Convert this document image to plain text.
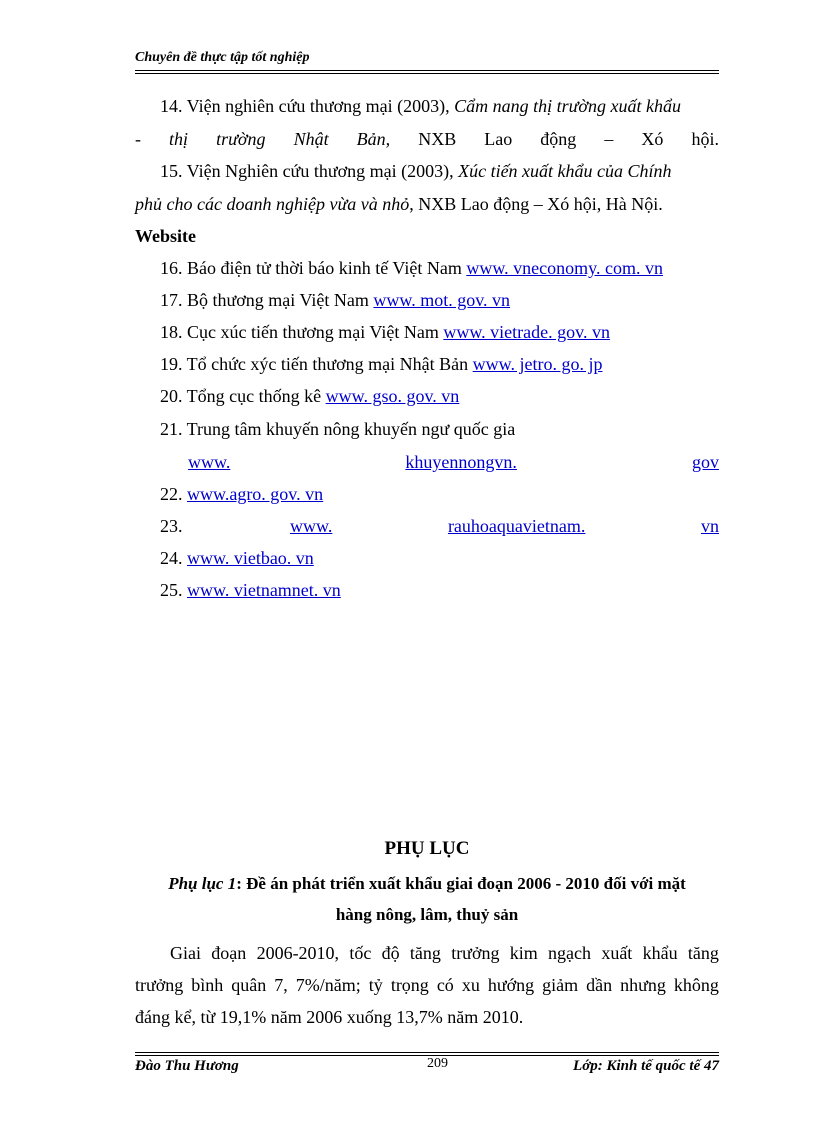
Chuyên đề thực tập tốt nghiệp
14. Viện nghiên cứu thương mại (2003), Cẩm nang thị trường xuất khẩu
- thị trường Nhật Bản, NXB Lao động – Xó hội.
15. Viện Nghiên cứu thương mại (2003), Xúc tiến xuất khẩu của Chính
phủ cho các doanh nghiệp vừa và nhỏ, NXB Lao động – Xó hội, Hà Nội.
Website
16. Báo điện tử thời báo kinh tế Việt Nam www. vneconomy. com. vn
17. Bộ thương mại Việt Nam www. mot. gov. vn
18. Cục xúc tiến thương mại Việt Nam www. vietrade. gov. vn
19. Tổ chức xýc tiến thương mại Nhật Bản www. jetro. go. jp
20. Tổng cục thống kê www. gso. gov. vn
21. Trung tâm khuyến nông khuyến ngư quốc gia
www.	khuyennongvn.	gov
22. www.agro. gov. vn
23.	www.	rauhoaquavietnam.	vn
24. www. vietbao. vn
25. www. vietnamnet. vn
PHỤ LỤC
Phụ lục 1: Đề án phát triển xuất khẩu giai đoạn 2006 - 2010 đối với mặt
hàng nông, lâm, thuỷ sản
Giai đoạn 2006-2010, tốc độ tăng trưởng kim ngạch xuất khẩu tăng
trưởng bình quân 7, 7%/năm; tỷ trọng có xu hướng giảm dần nhưng không
đáng kể, từ 19,1% năm 2006 xuống 13,7% năm 2010.
Đào Thu Hương	209	Lớp: Kinh tế quốc tế 47
